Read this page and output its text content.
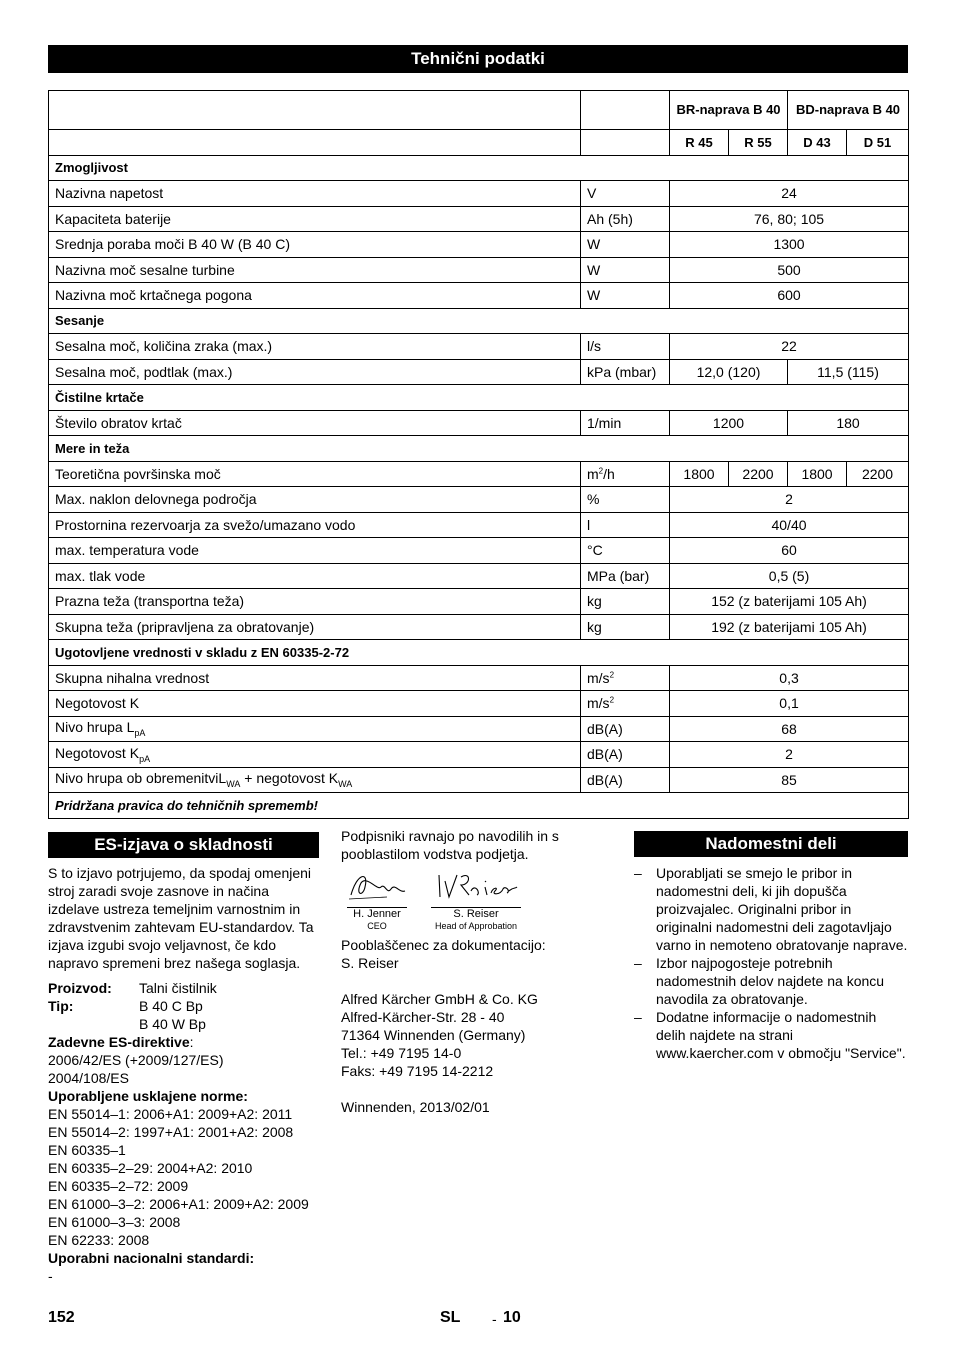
Tehnični podatki
		BR-naprava B 40		BD-naprava B 40	
		R 45	R 55	D 43	D 51
Zmogljivost					
Nazivna napetost	V	24			
Kapaciteta baterije	Ah (5h)	76, 80; 105			
Srednja poraba moči B 40 W (B 40 C)	W	1300			
Nazivna moč sesalne turbine	W	500			
Nazivna moč krtačnega pogona	W	600			
Sesanje					
Sesalna moč, količina zraka (max.)	l/s	22			
Sesalna moč, podtlak (max.)	kPa (mbar)	12,0 (120)		11,5 (115)	
Čistilne krtače					
Število obratov krtač	1/min	1200		180	
Mere in teža					
Teoretična površinska moč	$m^2/h$	1800	2200	1800	2200
Max. naklon delovnega področja	%	2			
Prostornina rezervoarja za svežo/umazano vodo	l	40/40			
max. temperatura vode	°C	60			
max. tlak vode	MPa (bar)	0,5 (5)			
Prazna teža (transportna teža)	kg	152 (z baterijami 105 Ah)			
Skupna teža (pripravljena za obratovanje)	kg	192 (z baterijami 105 Ah)			
Ugotovljene vrednosti v skladu z EN 60335-2-72					
Skupna nihalna vrednost	$m/s^2$	0,3			
Negotovost K	$m/s^2$	0,1			
Nivo hrupa $L_{pA}$	dB(A)	68			
Negotovost $K_{pA}$	dB(A)	2			
Nivo hrupa ob obremenitviL$_{WA}$ + negotovost $K_{WA}$	dB(A)	85			
Pridržana pravica do tehničnih sprememb!					
ES-izjava o skladnosti

S to izjavo potrjujemo, da spodaj omenjeni stroj zaradi svoje zasnove in načina izdelave ustreza temeljnim varnostnim in zdravstvenim zahtevam EU-standardov. Ta izjava izgubi svojo veljavnost, če kdo napravo spremeni brez našega soglasja.

Proizvod:	Talni čistilnik
Tip:	B 40 C Bp
B 40 W Bp

Zadevne ES-direktive:

2006/42/ES (+2009/127/ES)

2004/108/ES

Uporabljene usklajene norme:

EN 55014–1: 2006+A1: 2009+A2: 2011

EN 55014–2: 1997+A1: 2001+A2: 2008

EN 60335–1

EN 60335–2–29: 2004+A2: 2010

EN 60335–2–72: 2009

EN 61000–3–2: 2006+A1: 2009+A2: 2009

EN 61000–3–3: 2008

EN 62233: 2008

Uporabni nacionalni standardi:

-

Podpisniki ravnajo po navodilih in s pooblastilom vodstva podjetja.

H. Jenner
CEO
S. Reiser
Head of Approbation

Pooblaščenec za dokumentacijo:

S. Reiser

Alfred Kärcher GmbH & Co. KG

Alfred-Kärcher-Str. 28 - 40

71364 Winnenden (Germany)

Tel.: +49 7195 14-0

Faks: +49 7195 14-2212

Winnenden, 2013/02/01

Nadomestni deli
– Uporabljati se smejo le pribor in nadomestni deli, ki jih dopušča proizvajalec. Originalni pribor in originalni nadomestni deli zagotavljajo varno in nemoteno obratovanje naprave.
– Izbor najpogosteje potrebnih nadomestnih delov najdete na koncu navodila za obratovanje.
– Dodatne informacije o nadomestnih delih najdete na strani www.kaercher.com v območju "Service".
152	SL - 10
